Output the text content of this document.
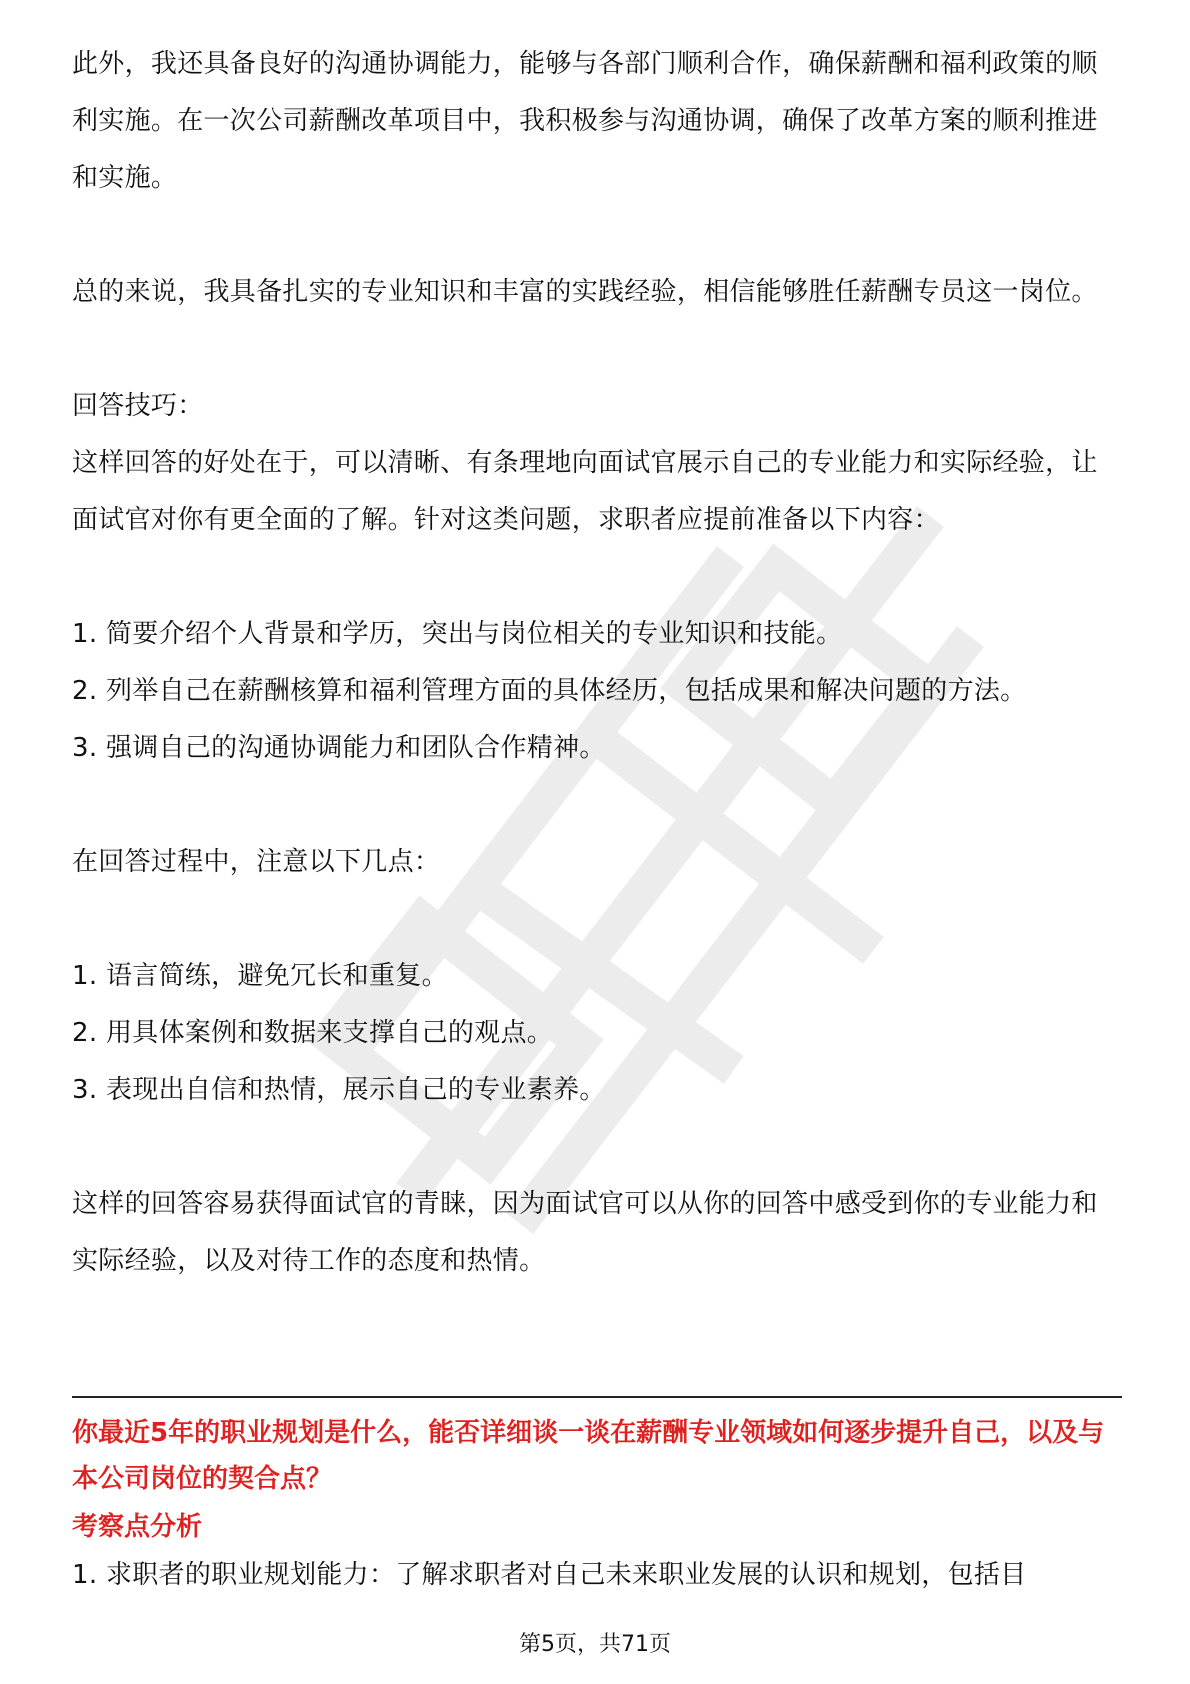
此外，我还具备良好的沟通协调能力，能够与各部门顺利合作，确保薪酬和福利政策的顺利实施。在一次公司薪酬改革项目中，我积极参与沟通协调，确保了改革方案的顺利推进和实施。

总的来说，我具备扎实的专业知识和丰富的实践经验，相信能够胜任薪酬专员这一岗位。

回答技巧：

这样回答的好处在于，可以清晰、有条理地向面试官展示自己的专业能力和实际经验，让面试官对你有更全面的了解。针对这类问题，求职者应提前准备以下内容：

1. 简要介绍个人背景和学历，突出与岗位相关的专业知识和技能。

2. 列举自己在薪酬核算和福利管理方面的具体经历，包括成果和解决问题的方法。

3. 强调自己的沟通协调能力和团队合作精神。

在回答过程中，注意以下几点：

1. 语言简练，避免冗长和重复。

2. 用具体案例和数据来支撑自己的观点。

3. 表现出自信和热情，展示自己的专业素养。

这样的回答容易获得面试官的青睐，因为面试官可以从你的回答中感受到你的专业能力和实际经验，以及对待工作的态度和热情。

你最近5年的职业规划是什么，能否详细谈一谈在薪酬专业领域如何逐步提升自己，以及与本公司岗位的契合点？

考察点分析

1. 求职者的职业规划能力：了解求职者对自己未来职业发展的认识和规划，包括目

第5页，共71页
